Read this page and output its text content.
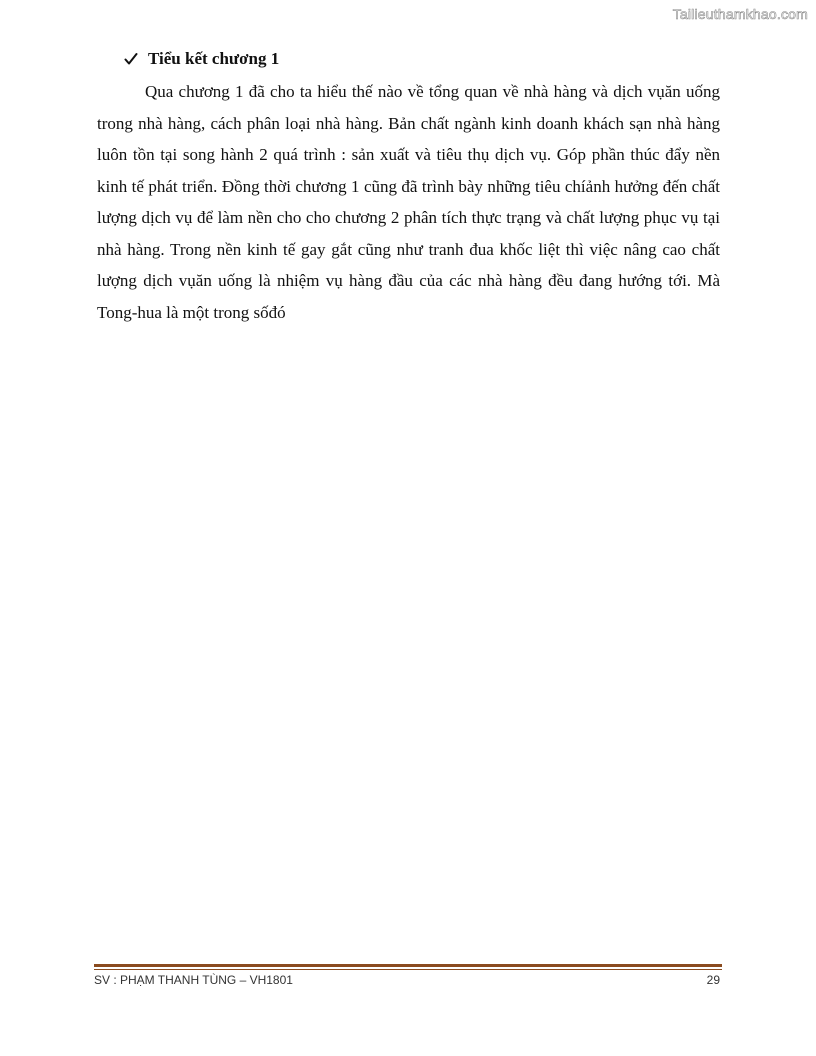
Tailieuthamkhao.com
Tiểu kết chương 1

Qua chương 1 đã cho ta hiểu thế nào về tổng quan về nhà hàng và dịch vụăn uống trong nhà hàng, cách phân loại nhà hàng. Bản chất ngành kinh doanh khách sạn nhà hàng luôn tồn tại song hành 2 quá trình : sản xuất và tiêu thụ dịch vụ. Góp phần thúc đẩy nền kinh tế phát triển. Đồng thời chương 1 cũng đã trình bày những tiêu chíảnh hưởng đến chất lượng dịch vụ để làm nền cho cho chương 2 phân tích thực trạng và chất lượng phục vụ tại nhà hàng. Trong nền kinh tế gay gắt cũng như tranh đua khốc liệt thì việc nâng cao chất lượng dịch vụăn uống là nhiệm vụ hàng đầu của các nhà hàng đều đang hướng tới. Mà Tong-hua là một trong sốđó

SV : PHẠM THANH TÙNG – VH1801	29
